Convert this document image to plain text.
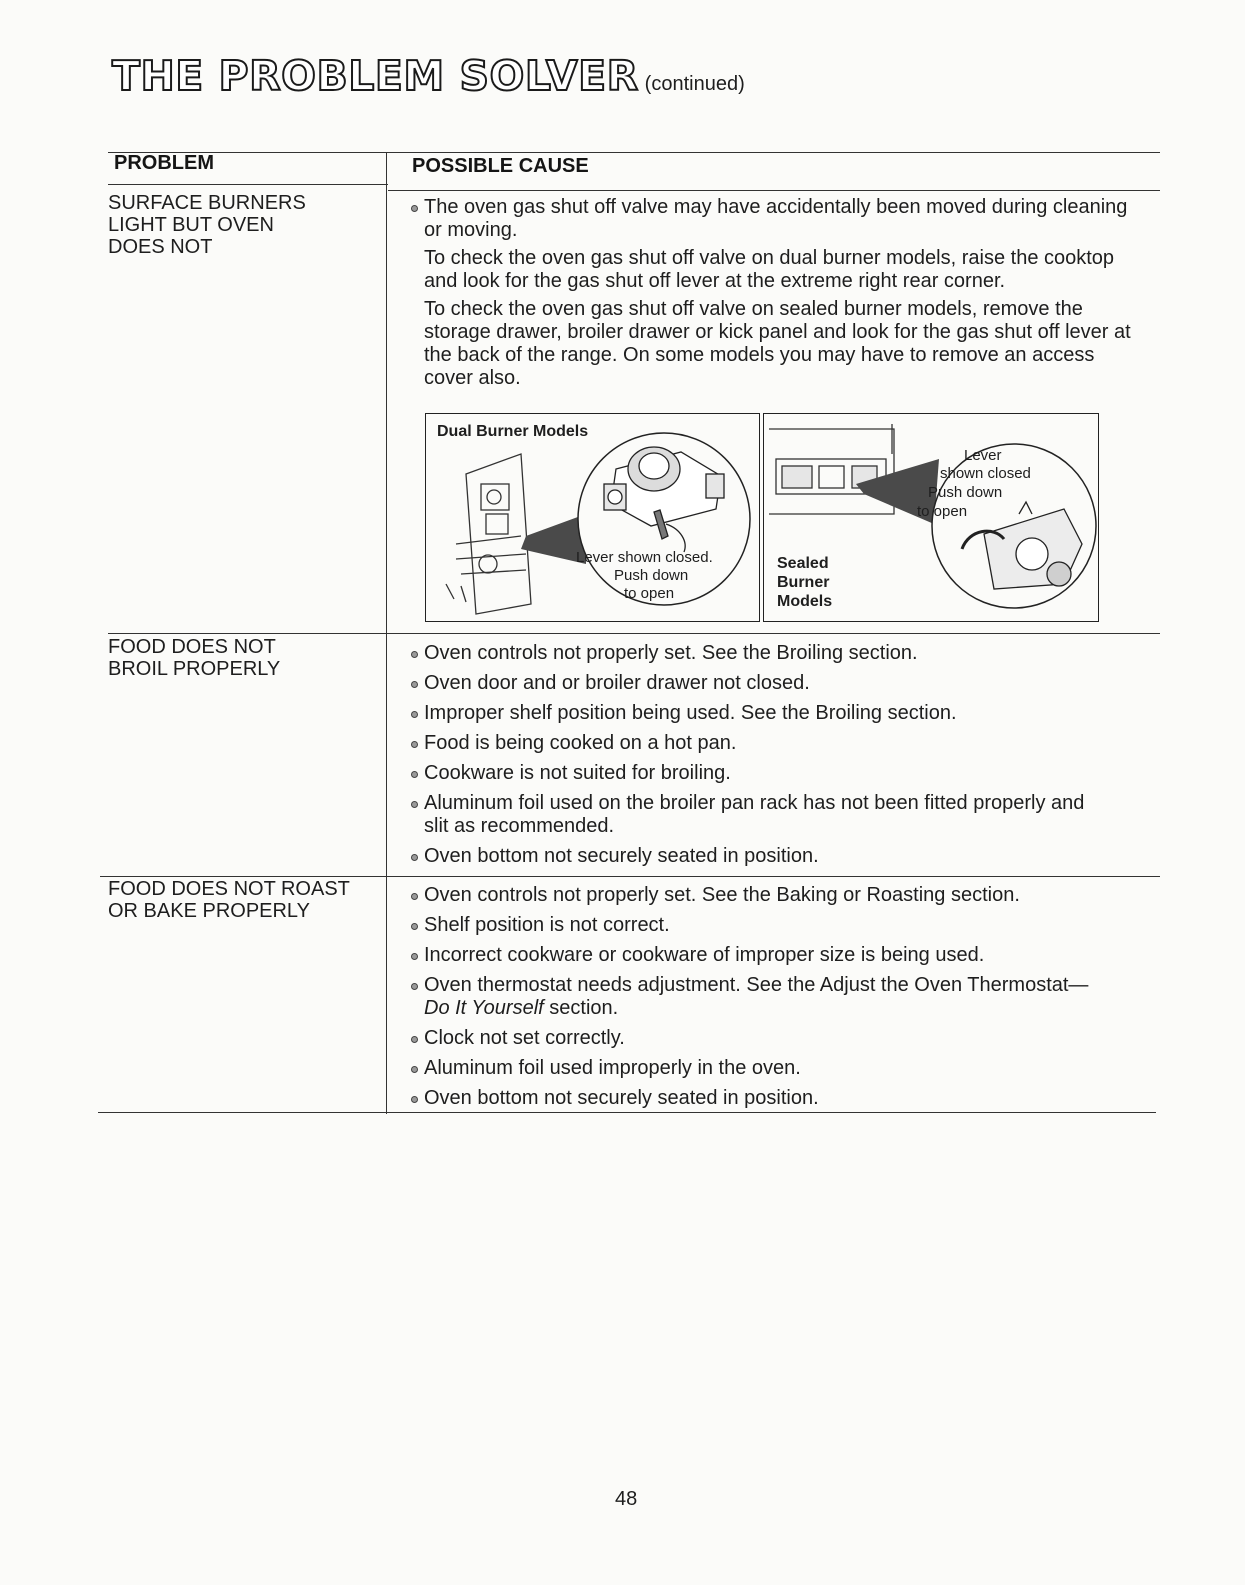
THE PROBLEM SOLVER (continued)
PROBLEM	POSSIBLE CAUSE
SURFACE BURNERS
LIGHT BUT OVEN
DOES NOT

The oven gas shut off valve may have accidentally been moved during cleaning or moving.

To check the oven gas shut off valve on dual burner models, raise the cooktop and look for the gas shut off lever at the extreme right rear corner.

To check the oven gas shut off valve on sealed burner models, remove the storage drawer, broiler drawer or kick panel and look for the gas shut off lever at the back of the range. On some models you may have to remove an access cover also.

Dual Burner Models
Lever shown closed.
Push down
to open
Lever
shown closed
Push down
to open
Sealed
Burner
Models
FOOD DOES NOT
BROIL PROPERLY

Oven controls not properly set. See the Broiling section.

Oven door and or broiler drawer not closed.

Improper shelf position being used. See the Broiling section.

Food is being cooked on a hot pan.

Cookware is not suited for broiling.

Aluminum foil used on the broiler pan rack has not been fitted properly and slit as recommended.

Oven bottom not securely seated in position.

FOOD DOES NOT ROAST
OR BAKE PROPERLY

Oven controls not properly set. See the Baking or Roasting section.

Shelf position is not correct.

Incorrect cookware or cookware of improper size is being used.

Oven thermostat needs adjustment. See the Adjust the Oven Thermostat—
Do It Yourself section.

Clock not set correctly.

Aluminum foil used improperly in the oven.

Oven bottom not securely seated in position.

48
